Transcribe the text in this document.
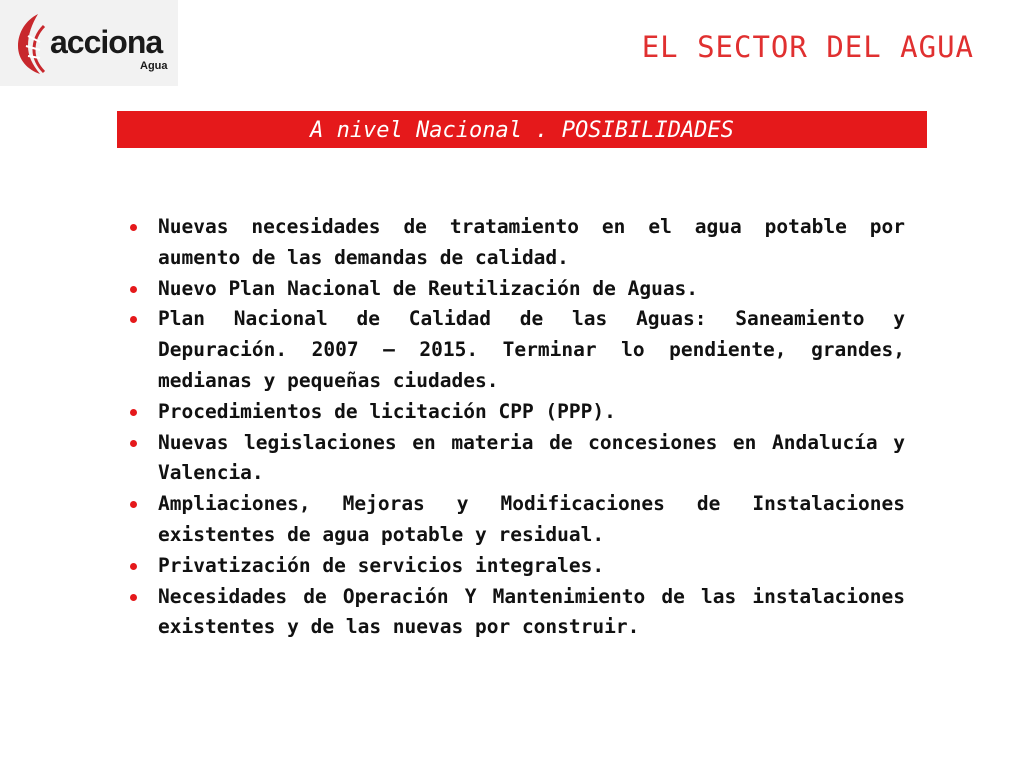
acciona
Agua
EL SECTOR DEL AGUA
A nivel Nacional . POSIBILIDADES
Nuevas necesidades de tratamiento en el agua potable por aumento de las demandas de calidad.
Nuevo Plan Nacional de Reutilización de Aguas.
Plan Nacional de Calidad de las Aguas: Saneamiento y Depuración. 2007 – 2015. Terminar lo pendiente, grandes, medianas y pequeñas ciudades.
Procedimientos de licitación CPP (PPP).
Nuevas legislaciones en materia de concesiones en Andalucía y Valencia.
Ampliaciones, Mejoras y Modificaciones de Instalaciones existentes de agua potable y residual.
Privatización de servicios integrales.
Necesidades de Operación Y Mantenimiento de las instalaciones existentes y de las nuevas por construir.
